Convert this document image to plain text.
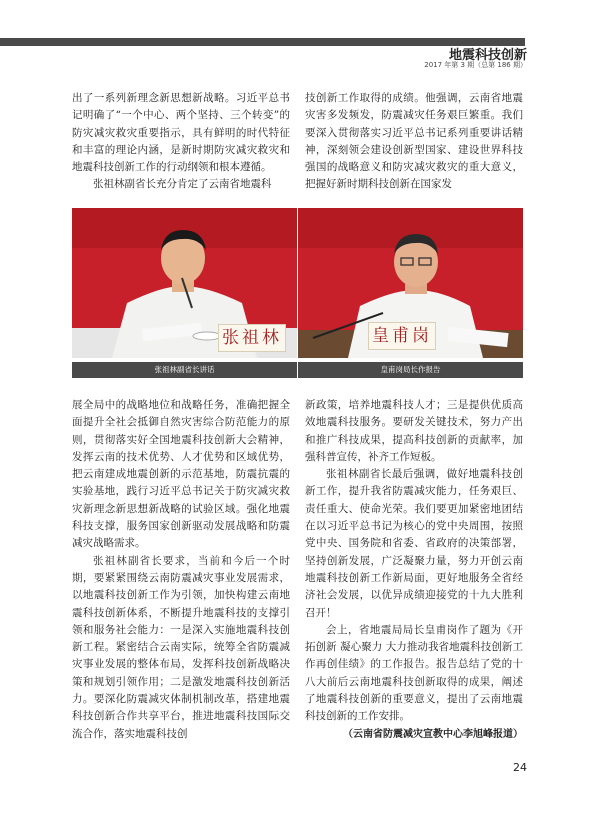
地震科技创新
2017 年第 3 期（总第 186 期）

出了一系列新理念新思想新战略。习近平总书记明确了“一个中心、两个坚持、三个转变”的防灾减灾救灾重要指示，具有鲜明的时代特征和丰富的理论内涵，是新时期防灾减灾救灾和地震科技创新工作的行动纲领和根本遵循。

张祖林副省长充分肯定了云南省地震科

技创新工作取得的成绩。他强调，云南省地震灾害多发频发，防震减灾任务艰巨繁重。我们要深入贯彻落实习近平总书记系列重要讲话精神，深刻领会建设创新型国家、建设世界科技强国的战略意义和防灾减灾救灾的重大意义，把握好新时期科技创新在国家发

张祖林
张祖林副省长讲话
皇甫岗
皇甫岗局长作报告

展全局中的战略地位和战略任务，准确把握全面提升全社会抵御自然灾害综合防范能力的原则，贯彻落实好全国地震科技创新大会精神，发挥云南的技术优势、人才优势和区域优势，把云南建成地震创新的示范基地，防震抗震的实验基地，践行习近平总书记关于防灾减灾救灾新理念新思想新战略的试验区域。强化地震科技支撑，服务国家创新驱动发展战略和防震减灾战略需求。

张祖林副省长要求，当前和今后一个时期，要紧紧围绕云南防震减灾事业发展需求，以地震科技创新工作为引领，加快构建云南地震科技创新体系，不断提升地震科技的支撑引领和服务社会能力：一是深入实施地震科技创新工程。紧密结合云南实际，统筹全省防震减灾事业发展的整体布局，发挥科技创新战略决策和规划引领作用；二是激发地震科技创新活力。要深化防震减灾体制机制改革，搭建地震科技创新合作共享平台，推进地震科技国际交流合作，落实地震科技创

新政策，培养地震科技人才；三是提供优质高效地震科技服务。要研发关键技术，努力产出和推广科技成果，提高科技创新的贡献率，加强科普宣传，补齐工作短板。

张祖林副省长最后强调，做好地震科技创新工作，提升我省防震减灾能力，任务艰巨、责任重大、使命光荣。我们要更加紧密地团结在以习近平总书记为核心的党中央周围，按照党中央、国务院和省委、省政府的决策部署，坚持创新发展，广泛凝聚力量，努力开创云南地震科技创新工作新局面，更好地服务全省经济社会发展，以优异成绩迎接党的十九大胜利召开！

会上，省地震局局长皇甫岗作了题为《开拓创新 凝心聚力 大力推动我省地震科技创新工作再创佳绩》的工作报告。报告总结了党的十八大前后云南地震科技创新取得的成果，阐述了地震科技创新的重要意义，提出了云南地震科技创新的工作安排。

（云南省防震减灾宣教中心李旭峰报道）

24
